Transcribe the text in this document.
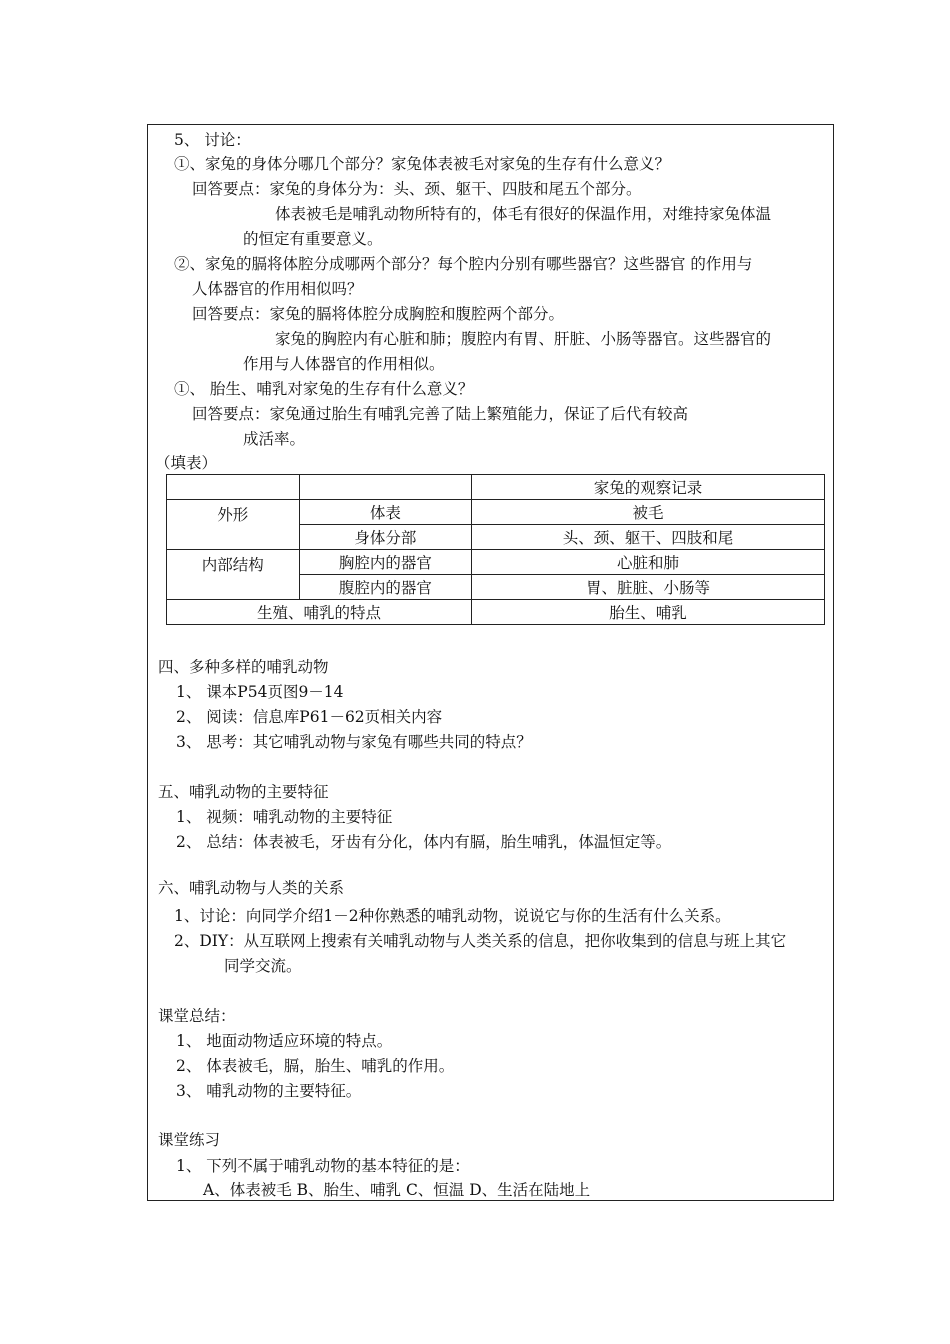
5、 讨论：
①、家兔的身体分哪几个部分？家兔体表被毛对家兔的生存有什么意义？
回答要点：家兔的身体分为：头、颈、躯干、四肢和尾五个部分。
体表被毛是哺乳动物所特有的，体毛有很好的保温作用，对维持家兔体温
的恒定有重要意义。
②、家兔的膈将体腔分成哪两个部分？每个腔内分别有哪些器官？这些器官 的作用与
人体器官的作用相似吗？
回答要点：家兔的膈将体腔分成胸腔和腹腔两个部分。
家兔的胸腔内有心脏和肺；腹腔内有胃、肝脏、小肠等器官。这些器官的
作用与人体器官的作用相似。
①、 胎生、哺乳对家兔的生存有什么意义？
回答要点：家兔通过胎生有哺乳完善了陆上繁殖能力，保证了后代有较高
成活率。
（填表）
		家兔的观察记录
外形	体表	被毛
	身体分部	头、颈、躯干、四肢和尾
内部结构	胸腔内的器官	心脏和肺
	腹腔内的器官	胃、脏脏、小肠等
生殖、哺乳的特点		胎生、哺乳
四、多种多样的哺乳动物
1、 课本P54页图9－14
2、 阅读：信息库P61－62页相关内容
3、 思考：其它哺乳动物与家兔有哪些共同的特点？
五、哺乳动物的主要特征
1、 视频：哺乳动物的主要特征
2、 总结：体表被毛，牙齿有分化，体内有膈，胎生哺乳，体温恒定等。
六、哺乳动物与人类的关系
1、讨论：向同学介绍1－2种你熟悉的哺乳动物，说说它与你的生活有什么关系。
2、DIY：从互联网上搜索有关哺乳动物与人类关系的信息，把你收集到的信息与班上其它
同学交流。
课堂总结：
1、 地面动物适应环境的特点。
2、 体表被毛，膈，胎生、哺乳的作用。
3、 哺乳动物的主要特征。
课堂练习
1、 下列不属于哺乳动物的基本特征的是：
A、体表被毛 B、胎生、哺乳 C、恒温 D、生活在陆地上
